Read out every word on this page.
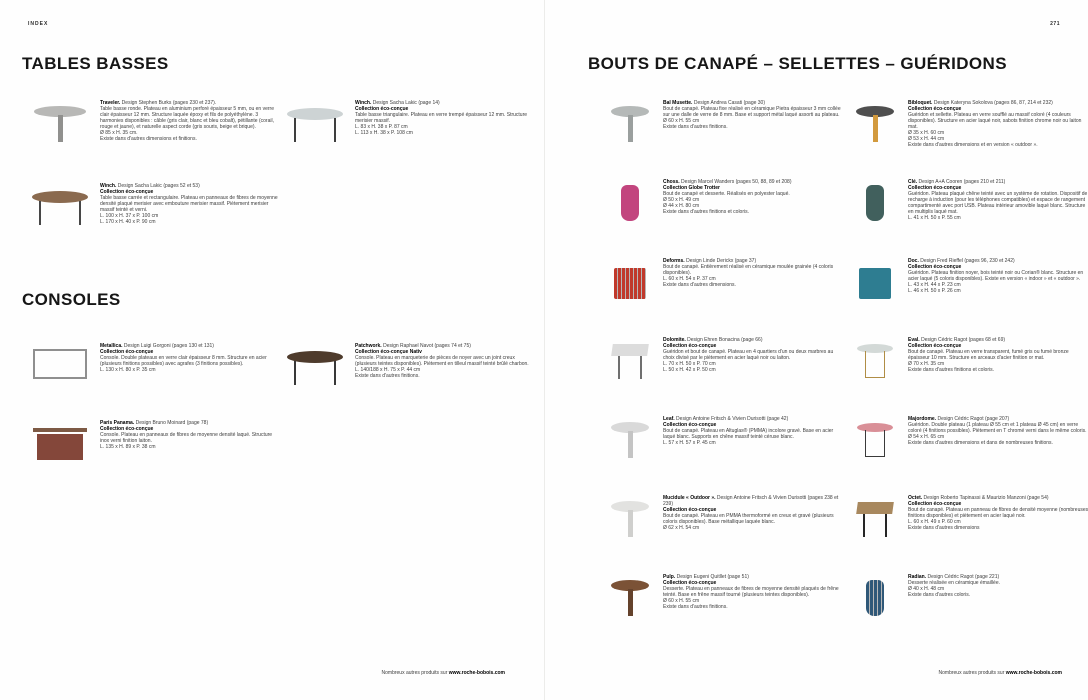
INDEX	271
TABLES BASSES
CONSOLES
BOUTS DE CANAPÉ – SELLETTES – GUÉRIDONS
Traveler. Design Stephen Burks (pages 230 et 237).
Table basse ronde. Plateau en aluminium perforé épaisseur 5 mm, ou en verre clair épaisseur 12 mm. Structure laquée époxy et fils de polyéthylène. 3 harmonies disponibles : câble (gris clair, blanc et bleu cobalt), pétillante (corail, rouge et jaune), et naturelle aspect corde (gris souris, beige et brique).
Ø 85 x H. 35 cm.
Existe dans d'autres dimensions et finitions.
Winch. Design Sacha Lakic (pages 52 et 53)
Collection éco-conçue
Table basse carrée et rectangulaire. Plateau en panneaux de fibres de moyenne densité plaqué merisier avec embouture merisier massif. Piètement merisier massif teinté et verni.
L. 100 x H. 37 x P. 100 cm
L. 170 x H. 40 x P. 90 cm
Winch. Design Sacha Lakic (page 14)
Collection éco-conçue
Table basse triangulaire. Plateau en verre trempé épaisseur 12 mm. Structure merisier massif.
L. 83 x H. 38 x P. 87 cm
L. 113 x H. 38 x P. 108 cm
Metallica. Design Luigi Gorgoni (pages 130 et 131)
Collection éco-conçue
Console. Double plateaux en verre clair épaisseur 8 mm. Structure en acier (plusieurs finitions possibles) avec agrafes (3 finitions possibles).
L. 130 x H. 80 x P. 35 cm
Paris Panama. Design Bruno Moinard (page 78)
Collection éco-conçue
Console. Plateau en panneaux de fibres de moyenne densité laqué. Structure inox verni finition laiton.
L. 135 x H. 89 x P. 38 cm
Patchwork. Design Raphael Navot (pages 74 et 75)
Collection éco-conçue Nativ
Console. Plateau en marqueterie de pièces de noyer avec un joint creux (plusieurs teintes disponibles). Piètement en tilleul massif teinté brûlé charbon.
L. 140/188 x H. 75 x P. 44 cm
Existe dans d'autres finitions.
Bal Musette. Design Andrea Casati (page 30)
Bout de canapé. Plateau fixe réalisé en céramique Pietra épaisseur 3 mm collée sur une dalle de verre de 8 mm. Base et support métal laqué assorti au plateau.
Ø 60 x H. 55 cm
Existe dans d'autres finitions.
Choss. Design Marcel Wanders (pages 50, 88, 89 et 208)
Collection Globe Trotter
Bout de canapé et desserte. Réalisés en polyester laqué.
Ø 50 x H. 49 cm
Ø 44 x H. 80 cm
Existe dans d'autres finitions et coloris.
Deforms. Design Linde Derickx (page 37)
Bout de canapé. Entièrement réalisé en céramique moulée grainée (4 coloris disponibles).
L. 60 x H. 54 x P. 37 cm
Existe dans d'autres dimensions.
Dolomite. Design Ehren Bonacina (page 66)
Collection éco-conçue
Guéridon et bout de canapé. Plateau en 4 quartiers d'un ou deux marbres au choix divisé par le piètement en acier laqué noir ou laiton.
L. 70 x H. 50 x P. 70 cm
L. 50 x H. 42 x P. 50 cm
Leaf. Design Antoine Fritsch & Vivien Durisotti (page 42)
Collection éco-conçue
Bout de canapé. Plateau en Altuglas® (PMMA) incolore gravé. Base en acier laqué blanc. Supports en chêne massif teinté céruse blanc.
L. 57 x H. 57 x P. 45 cm
Mucidule « Outdoor ». Design Antoine Fritsch & Vivien Durisotti (pages 238 et 239)
Collection éco-conçue
Bout de canapé. Plateau en PMMA thermoformé en creux et gravé (plusieurs coloris disponibles). Base métallique laquée blanc.
Ø 62 x H. 54 cm
Pulp. Design Eugeni Quitllet (page 51)
Collection éco-conçue
Desserte. Plateau en panneaux de fibres de moyenne densité plaqués de frêne teinté. Base en frêne massif tourné (plusieurs teintes disponibles).
Ø 60 x H. 55 cm
Existe dans d'autres finitions.
Bibloquet. Design Kateryna Sokolova (pages 86, 87, 214 et 232)
Collection éco-conçue
Guéridon et sellette. Plateau en verre soufflé au massif coloré (4 couleurs disponibles). Structure en acier laqué noir, sabots finition chrome noir ou laiton mat.
Ø 35 x H. 60 cm
Ø 53 x H. 44 cm
Existe dans d'autres dimensions et en version « outdoor ».
Clé. Design A+A Cooren (pages 210 et 211)
Collection éco-conçue
Guéridon. Plateau plaqué chêne teinté avec un système de rotation. Dispositif de recharge à induction (pour les téléphones compatibles) et espace de rangement compartimenté avec port USB. Plateau intérieur amovible laqué blanc. Structure en multiplis laqué mat.
L. 41 x H. 50 x P. 55 cm
Doc. Design Fred Rieffel (pages 96, 230 et 242)
Collection éco-conçue
Guéridon. Plateau finition noyer, bois teinté noir ou Corian® blanc. Structure en acier laqué (5 coloris disponibles). Existe en version « indoor » et « outdoor ».
L. 43 x H. 44 x P. 23 cm
L. 46 x H. 50 x P. 26 cm
Eval. Design Cédric Ragot (pages 68 et 69)
Collection éco-conçue
Bout de canapé. Plateau en verre transparent, fumé gris ou fumé bronze épaisseur 10 mm. Structure en arceaux d'acier finition or mat.
Ø 70 x H. 35 cm
Existe dans d'autres finitions et coloris.
Majordome. Design Cédric Ragot (page 207)
Guéridon. Double plateau (1 plateau Ø 55 cm et 1 plateau Ø 45 cm) en verre coloré (4 finitions possibles). Piètement en T chromé verni dans le même coloris.
Ø 54 x H. 65 cm
Existe dans d'autres dimensions et dans de nombreuses finitions.
Octet. Design Roberto Tapinassi & Maurizio Manzoni (page 54)
Collection éco-conçue
Bout de canapé. Plateau en panneau de fibres de densité moyenne (nombreuses finitions disponibles) et piètement en acier laqué noir.
L. 60 x H. 49 x P. 60 cm
Existe dans d'autres dimensions
Radian. Design Cédric Ragot (page 221)
Desserte réalisée en céramique émaillée.
Ø 40 x H. 48 cm
Existe dans d'autres coloris.
Nombreux autres produits sur www.roche-bobois.com	Nombreux autres produits sur www.roche-bobois.com
